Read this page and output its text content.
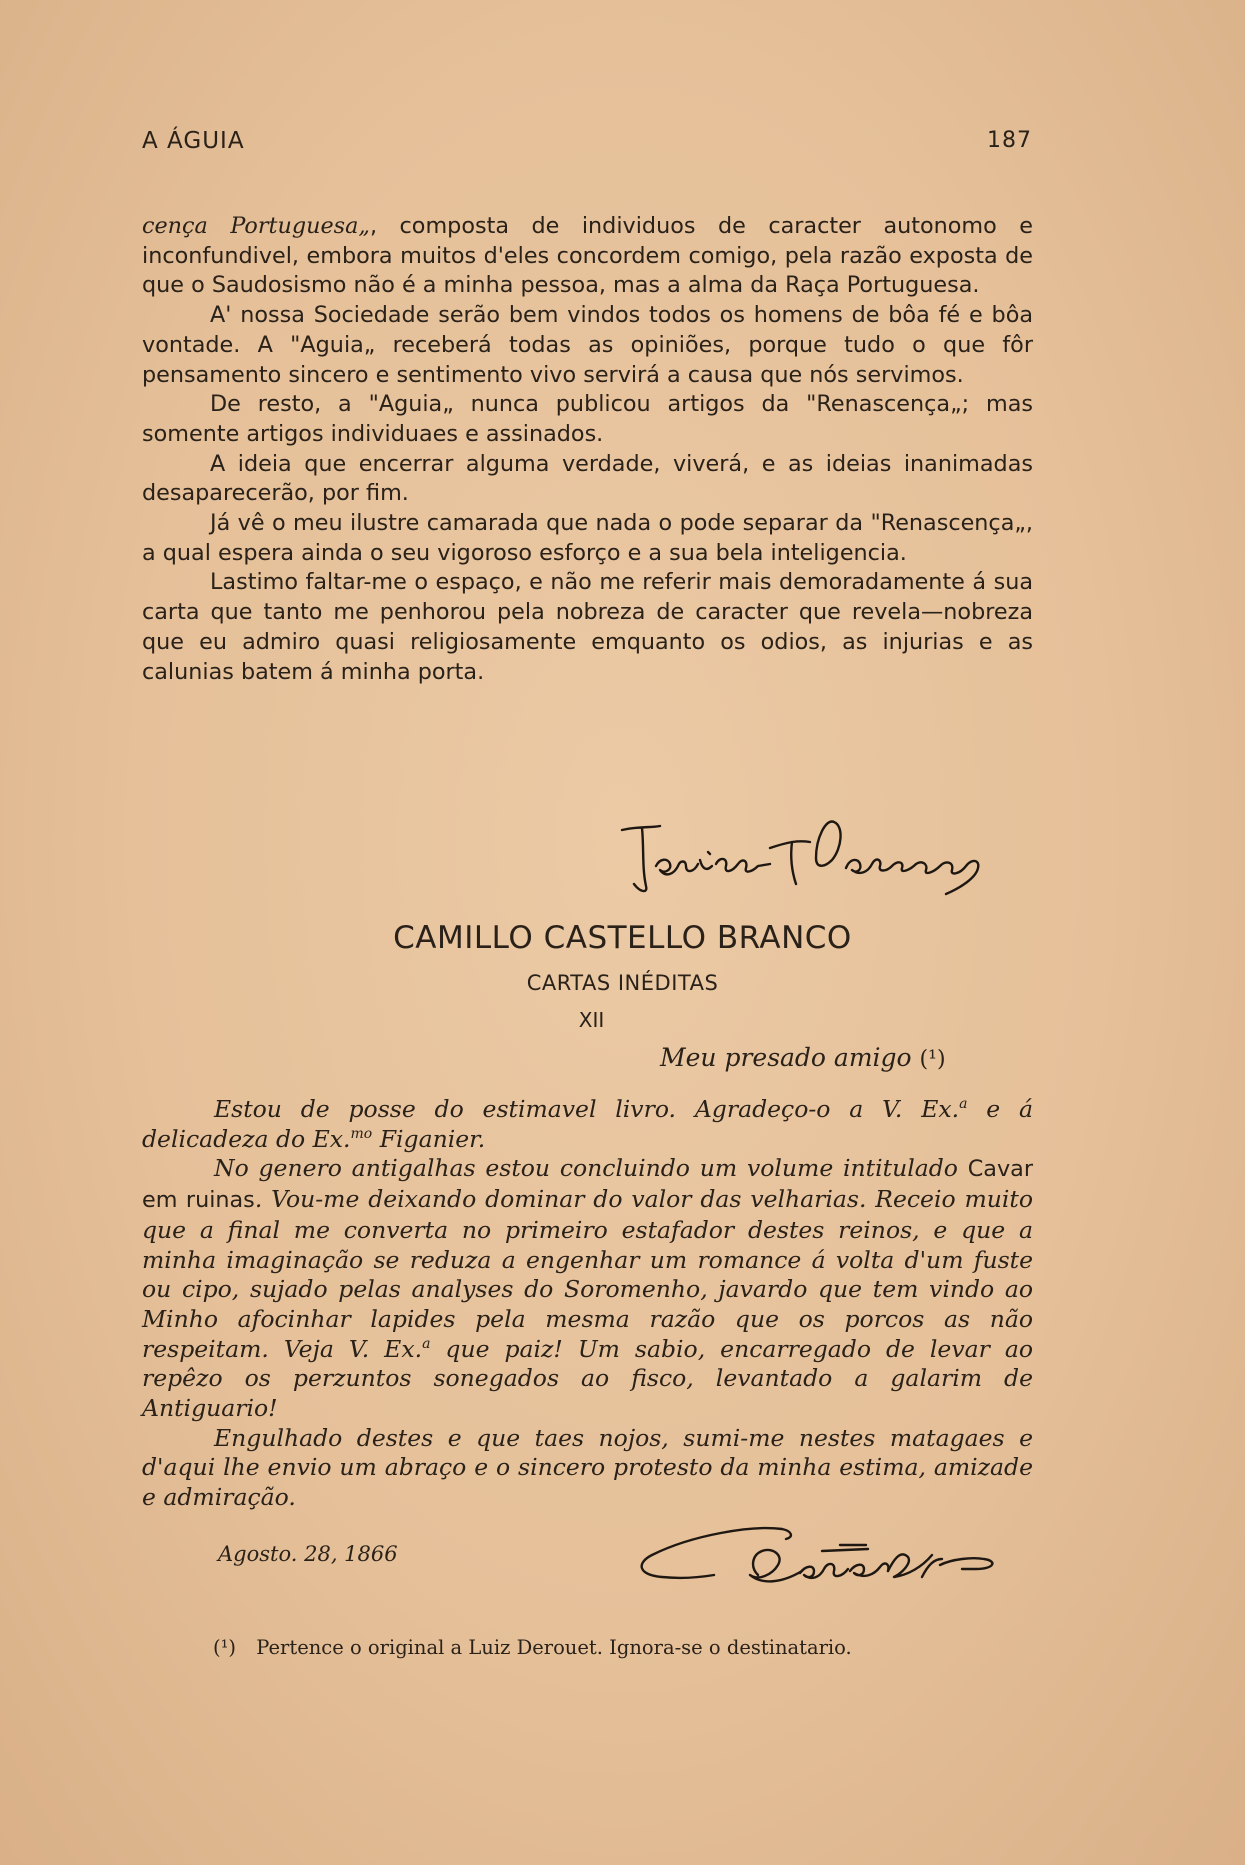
A ÁGUIA	187

cença Portuguesa„, composta de individuos de caracter autonomo e inconfundivel, embora muitos d'eles concordem comigo, pela razão exposta de que o Saudosismo não é a minha pessoa, mas a alma da Raça Portuguesa.

A' nossa Sociedade serão bem vindos todos os homens de bôa fé e bôa vontade. A "Aguia„ receberá todas as opiniões, porque tudo o que fôr pensamento sincero e sentimento vivo servirá a causa que nós servimos.

De resto, a "Aguia„ nunca publicou artigos da "Renascença„; mas somente artigos individuaes e assinados.

A ideia que encerrar alguma verdade, viverá, e as ideias inanimadas desaparecerão, por fim.

Já vê o meu ilustre camarada que nada o pode separar da "Renascença„, a qual espera ainda o seu vigoroso esforço e a sua bela inteligencia.

Lastimo faltar-me o espaço, e não me referir mais demoradamente á sua carta que tanto me penhorou pela nobreza de caracter que revela—nobreza que eu admiro quasi religiosamente emquanto os odios, as injurias e as calunias batem á minha porta.

CAMILLO CASTELLO BRANCO
CARTAS INÉDITAS
XII
Meu presado amigo (¹)

Estou de posse do estimavel livro. Agradeço-o a V. Ex.$^a$ e á delicadeza do Ex.$^{mo}$ Figanier.

No genero antigalhas estou concluindo um volume intitulado Cavar em ruinas. Vou-me deixando dominar do valor das velharias. Receio muito que a final me converta no primeiro estafador destes reinos, e que a minha imaginação se reduza a engenhar um romance á volta d'um fuste ou cipo, sujado pelas analyses do Soromenho, javardo que tem vindo ao Minho afocinhar lapides pela mesma razão que os porcos as não respeitam. Veja V. Ex.$^a$ que paiz! Um sabio, encarregado de levar ao repêzo os perzuntos sonegados ao fisco, levantado a galarim de Antiguario!

Engulhado destes e que taes nojos, sumi-me nestes matagaes e d'aqui lhe envio um abraço e o sincero protesto da minha estima, amizade e admiração.

Agosto. 28, 1866
(¹) Pertence o original a Luiz Derouet. Ignora-se o destinatario.
